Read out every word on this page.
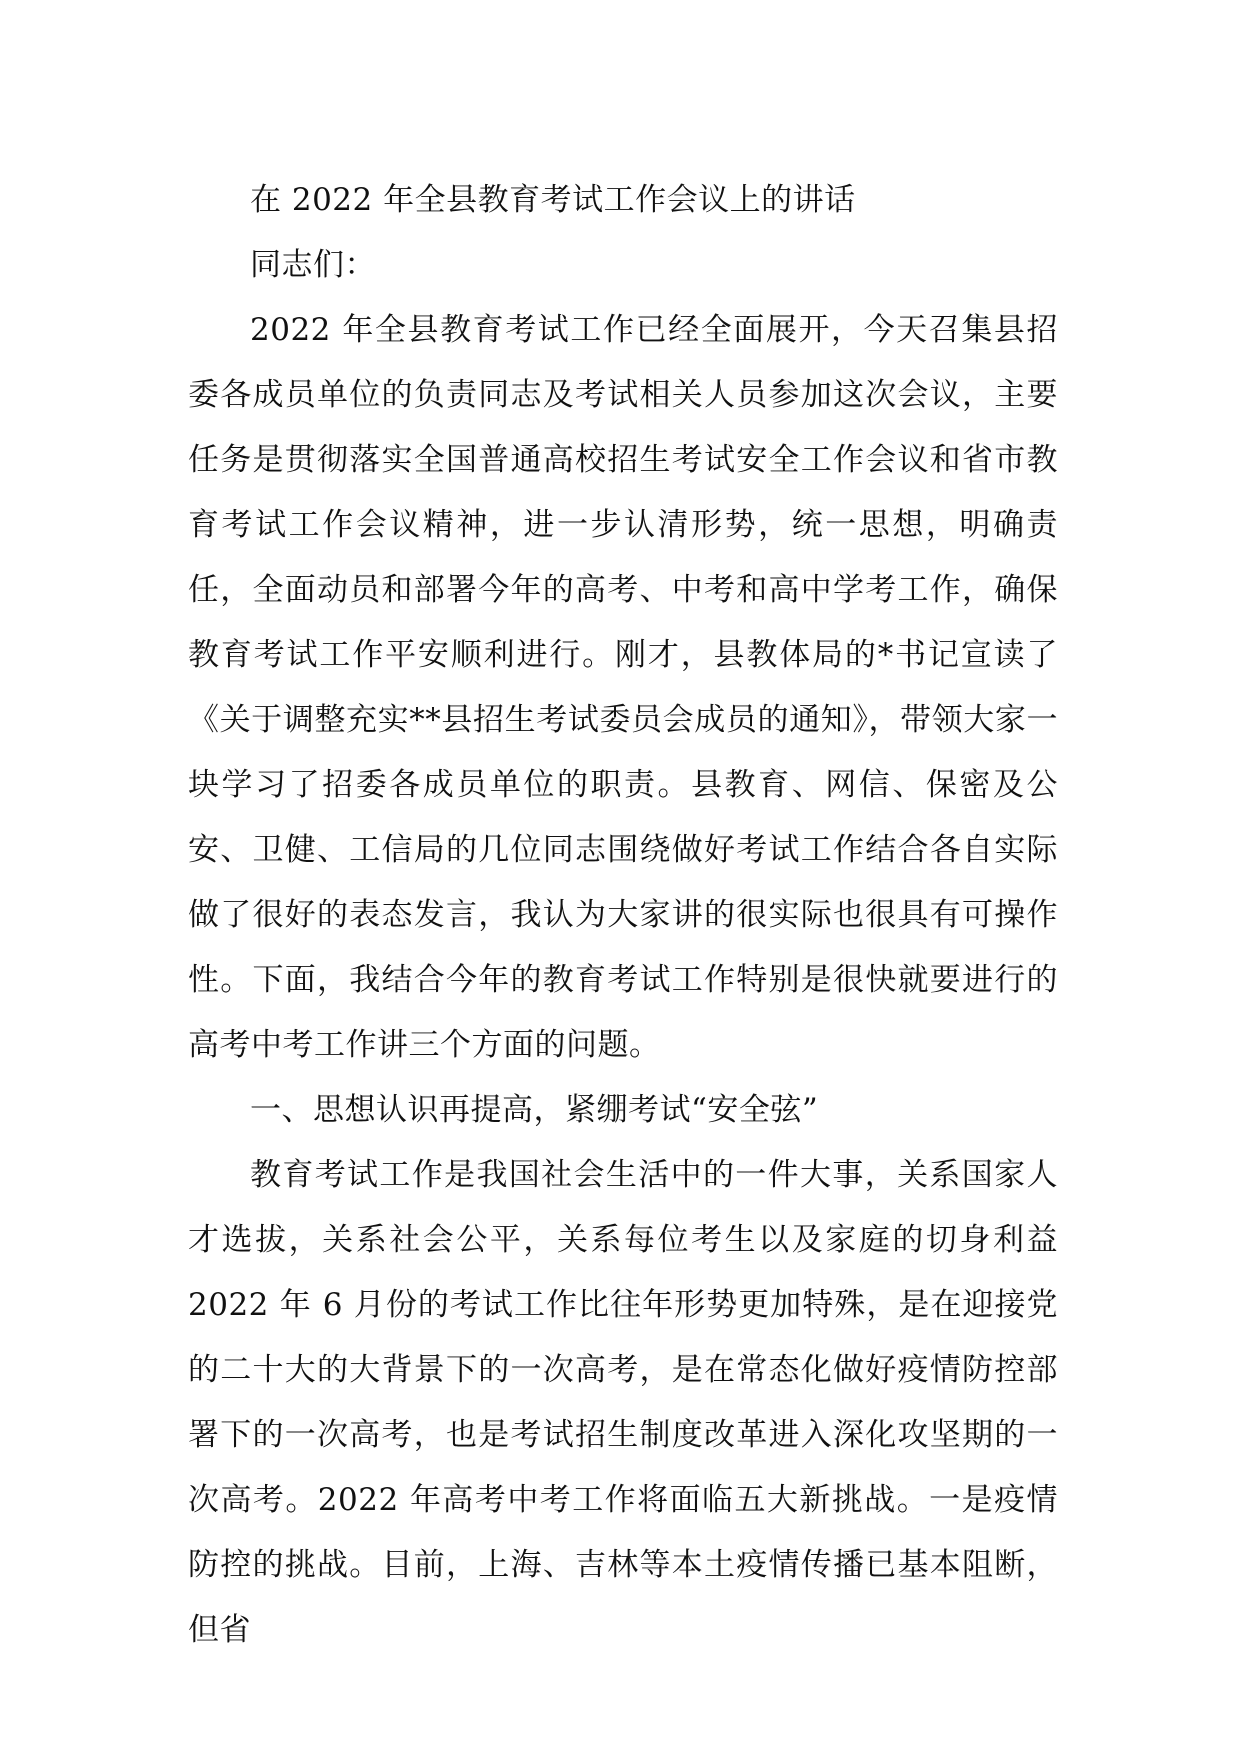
在 2022 年全县教育考试工作会议上的讲话

同志们：

2022 年全县教育考试工作已经全面展开，今天召集县招委各成员单位的负责同志及考试相关人员参加这次会议，主要任务是贯彻落实全国普通高校招生考试安全工作会议和省市教育考试工作会议精神，进一步认清形势，统一思想，明确责任，全面动员和部署今年的高考、中考和高中学考工作，确保教育考试工作平安顺利进行。刚才，县教体局的*书记宣读了《关于调整充实**县招生考试委员会成员的通知》，带领大家一块学习了招委各成员单位的职责。县教育、网信、保密及公安、卫健、工信局的几位同志围绕做好考试工作结合各自实际做了很好的表态发言，我认为大家讲的很实际也很具有可操作性。下面，我结合今年的教育考试工作特别是很快就要进行的高考中考工作讲三个方面的问题。

一、思想认识再提高，紧绷考试“安全弦”

教育考试工作是我国社会生活中的一件大事，关系国家人才选拔，关系社会公平，关系每位考生以及家庭的切身利益2022 年 6 月份的考试工作比往年形势更加特殊，是在迎接党的二十大的大背景下的一次高考，是在常态化做好疫情防控部署下的一次高考，也是考试招生制度改革进入深化攻坚期的一次高考。2022 年高考中考工作将面临五大新挑战。一是疫情防控的挑战。目前，上海、吉林等本土疫情传播已基本阻断，但省
